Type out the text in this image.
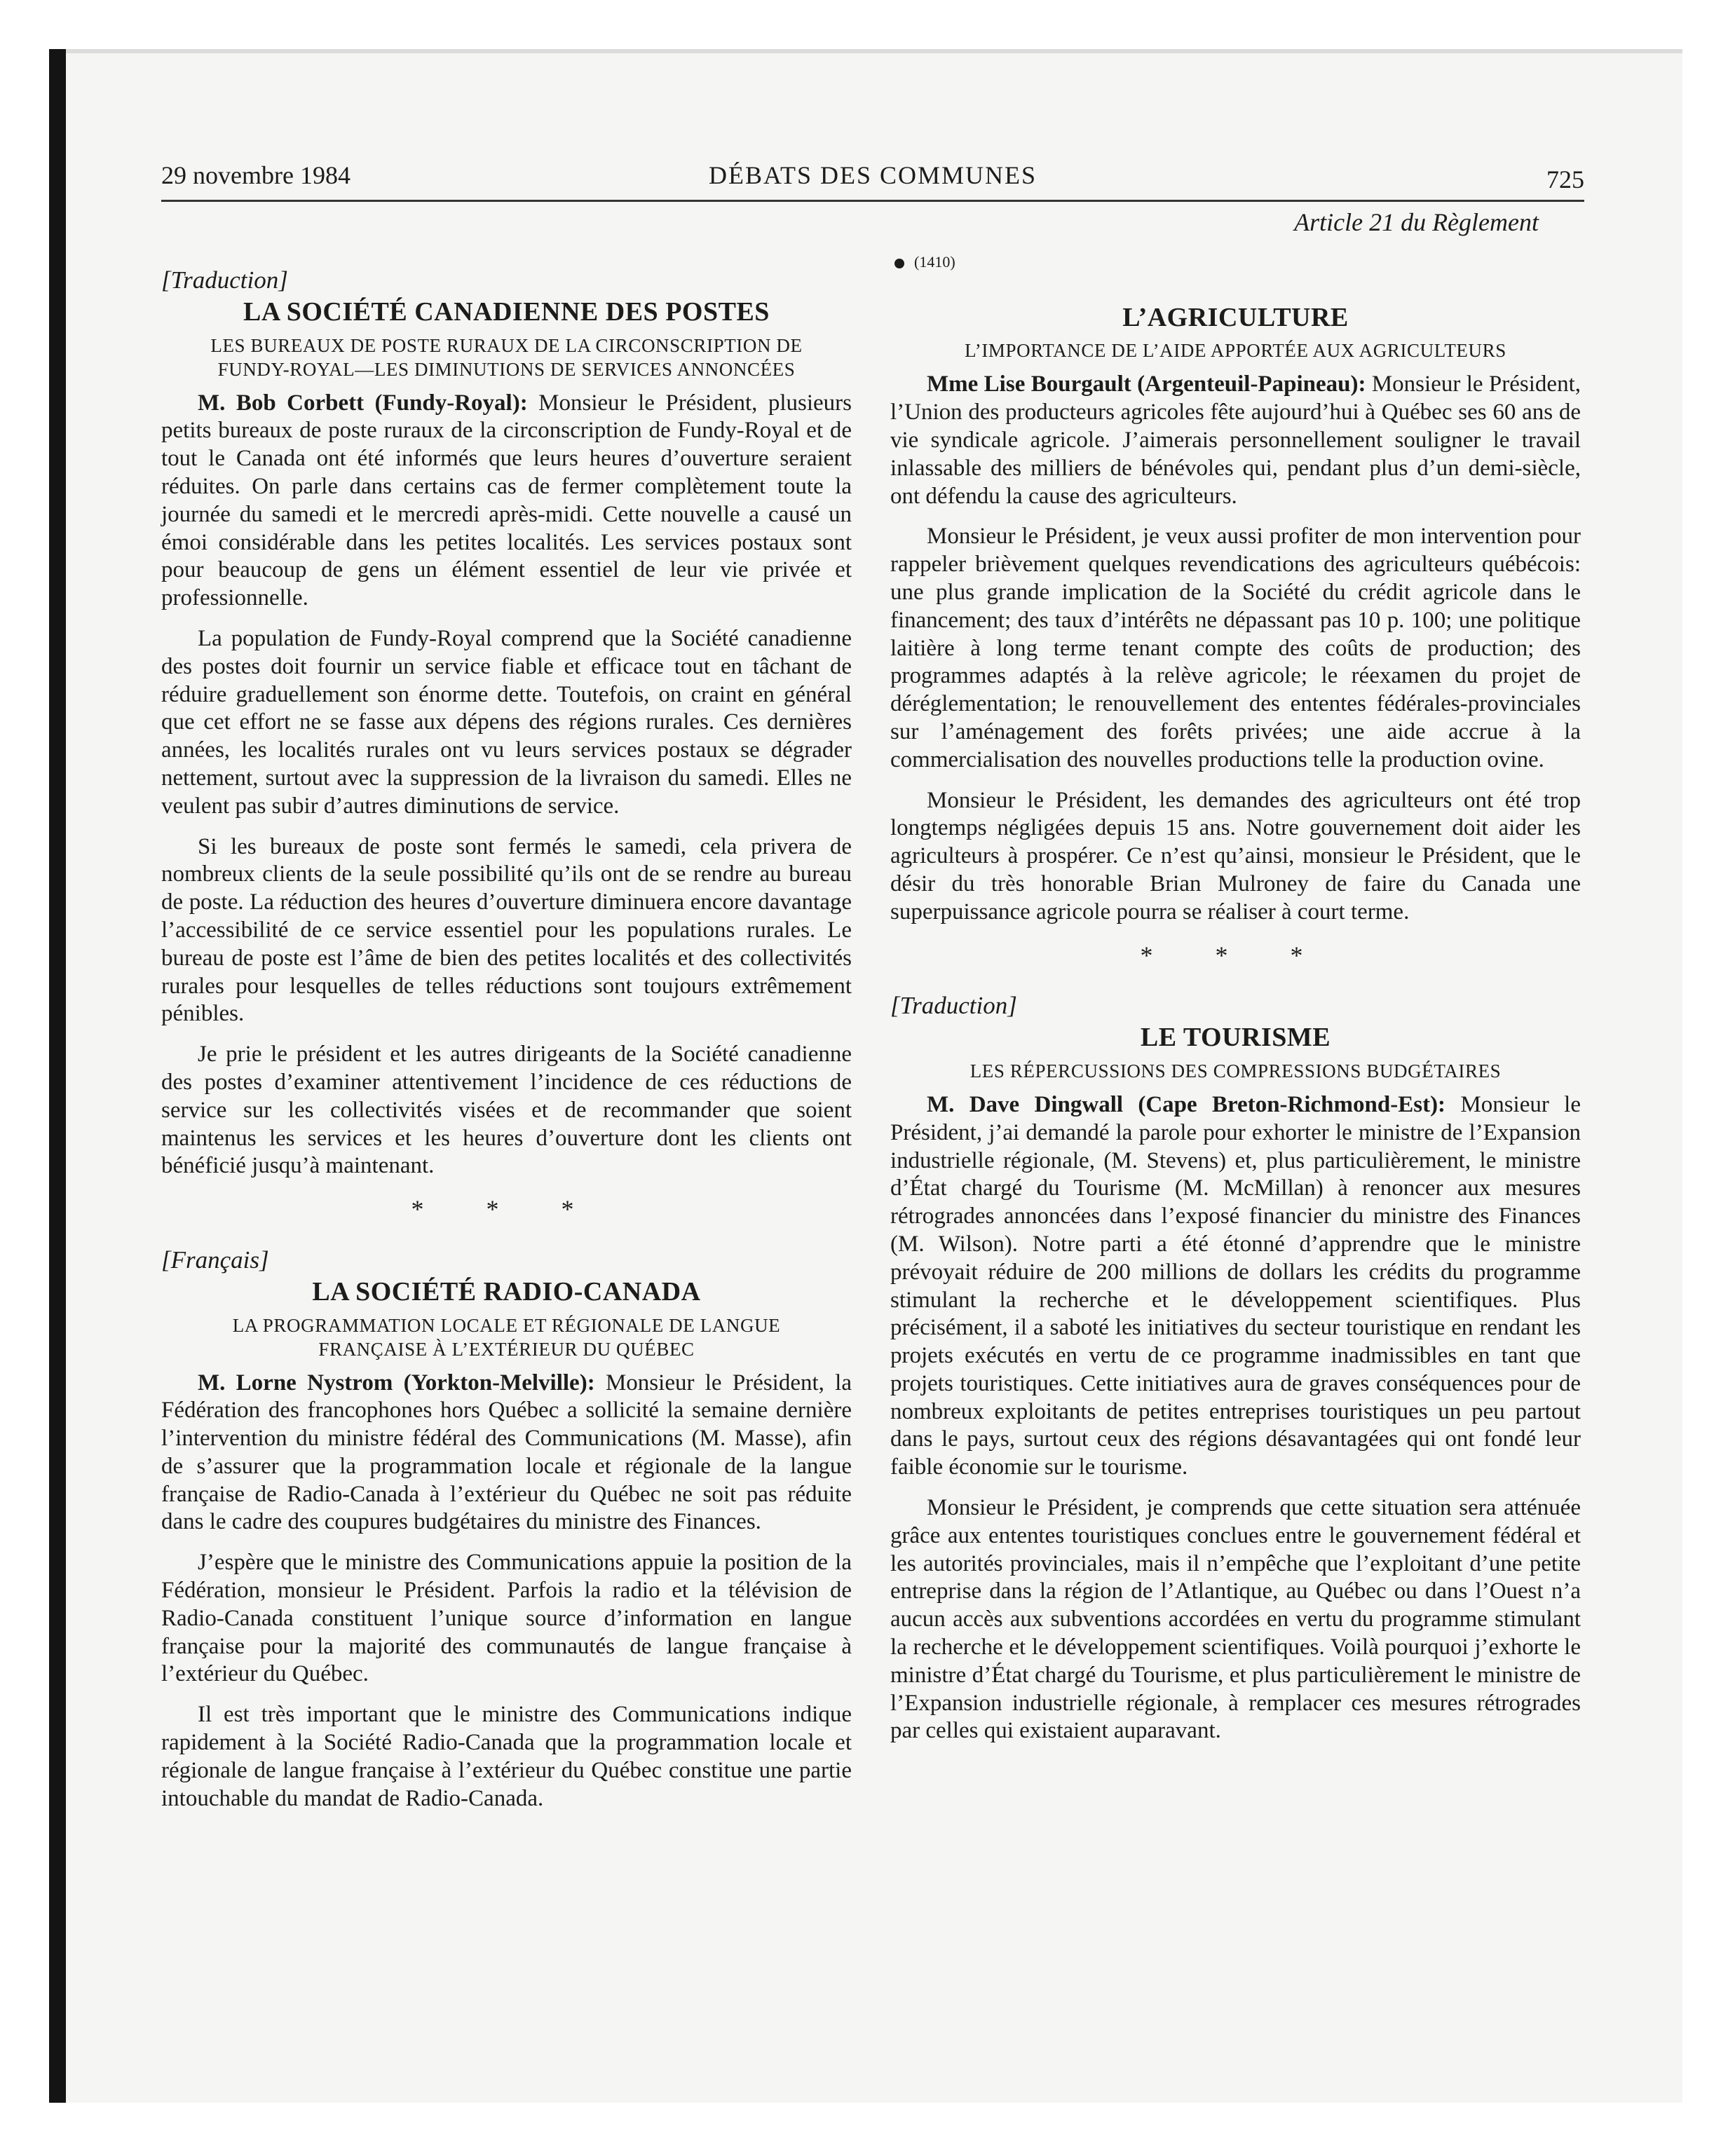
29 novembre 1984	DÉBATS DES COMMUNES	725
[Traduction]
LA SOCIÉTÉ CANADIENNE DES POSTES
LES BUREAUX DE POSTE RURAUX DE LA CIRCONSCRIPTION DE FUNDY-ROYAL—LES DIMINUTIONS DE SERVICES ANNONCÉES

M. Bob Corbett (Fundy-Royal): Monsieur le Président, plusieurs petits bureaux de poste ruraux de la circonscription de Fundy-Royal et de tout le Canada ont été informés que leurs heures d’ouverture seraient réduites. On parle dans certains cas de fermer complètement toute la journée du samedi et le mercredi après-midi. Cette nouvelle a causé un émoi considérable dans les petites localités. Les services postaux sont pour beaucoup de gens un élément essentiel de leur vie privée et professionnelle.

La population de Fundy-Royal comprend que la Société canadienne des postes doit fournir un service fiable et efficace tout en tâchant de réduire graduellement son énorme dette. Toutefois, on craint en général que cet effort ne se fasse aux dépens des régions rurales. Ces dernières années, les localités rurales ont vu leurs services postaux se dégrader nettement, surtout avec la suppression de la livraison du samedi. Elles ne veulent pas subir d’autres diminutions de service.

Si les bureaux de poste sont fermés le samedi, cela privera de nombreux clients de la seule possibilité qu’ils ont de se rendre au bureau de poste. La réduction des heures d’ouverture diminuera encore davantage l’accessibilité de ce service essentiel pour les populations rurales. Le bureau de poste est l’âme de bien des petites localités et des collectivités rurales pour lesquelles de telles réductions sont toujours extrêmement pénibles.

Je prie le président et les autres dirigeants de la Société canadienne des postes d’examiner attentivement l’incidence de ces réductions de service sur les collectivités visées et de recommander que soient maintenus les services et les heures d’ouverture dont les clients ont bénéficié jusqu’à maintenant.

* * *
[Français]
LA SOCIÉTÉ RADIO-CANADA
LA PROGRAMMATION LOCALE ET RÉGIONALE DE LANGUE FRANÇAISE À L’EXTÉRIEUR DU QUÉBEC

M. Lorne Nystrom (Yorkton-Melville): Monsieur le Président, la Fédération des francophones hors Québec a sollicité la semaine dernière l’intervention du ministre fédéral des Communications (M. Masse), afin de s’assurer que la programmation locale et régionale de la langue française de Radio-Canada à l’extérieur du Québec ne soit pas réduite dans le cadre des coupures budgétaires du ministre des Finances.

J’espère que le ministre des Communications appuie la position de la Fédération, monsieur le Président. Parfois la radio et la télévision de Radio-Canada constituent l’unique source d’information en langue française pour la majorité des communautés de langue française à l’extérieur du Québec.

Il est très important que le ministre des Communications indique rapidement à la Société Radio-Canada que la programmation locale et régionale de langue française à l’extérieur du Québec constitue une partie intouchable du mandat de Radio-Canada.

Article 21 du Règlement
(1410)
L’AGRICULTURE
L’IMPORTANCE DE L’AIDE APPORTÉE AUX AGRICULTEURS

Mme Lise Bourgault (Argenteuil-Papineau): Monsieur le Président, l’Union des producteurs agricoles fête aujourd’hui à Québec ses 60 ans de vie syndicale agricole. J’aimerais personnellement souligner le travail inlassable des milliers de bénévoles qui, pendant plus d’un demi-siècle, ont défendu la cause des agriculteurs.

Monsieur le Président, je veux aussi profiter de mon intervention pour rappeler brièvement quelques revendications des agriculteurs québécois: une plus grande implication de la Société du crédit agricole dans le financement; des taux d’intérêts ne dépassant pas 10 p. 100; une politique laitière à long terme tenant compte des coûts de production; des programmes adaptés à la relève agricole; le réexamen du projet de déréglementation; le renouvellement des ententes fédérales-provinciales sur l’aménagement des forêts privées; une aide accrue à la commercialisation des nouvelles productions telle la production ovine.

Monsieur le Président, les demandes des agriculteurs ont été trop longtemps négligées depuis 15 ans. Notre gouvernement doit aider les agriculteurs à prospérer. Ce n’est qu’ainsi, monsieur le Président, que le désir du très honorable Brian Mulroney de faire du Canada une superpuissance agricole pourra se réaliser à court terme.

* * *
[Traduction]
LE TOURISME
LES RÉPERCUSSIONS DES COMPRESSIONS BUDGÉTAIRES

M. Dave Dingwall (Cape Breton-Richmond-Est): Monsieur le Président, j’ai demandé la parole pour exhorter le ministre de l’Expansion industrielle régionale, (M. Stevens) et, plus particulièrement, le ministre d’État chargé du Tourisme (M. McMillan) à renoncer aux mesures rétrogrades annoncées dans l’exposé financier du ministre des Finances (M. Wilson). Notre parti a été étonné d’apprendre que le ministre prévoyait réduire de 200 millions de dollars les crédits du programme stimulant la recherche et le développement scientifiques. Plus précisément, il a saboté les initiatives du secteur touristique en rendant les projets exécutés en vertu de ce programme inadmissibles en tant que projets touristiques. Cette initiatives aura de graves conséquences pour de nombreux exploitants de petites entreprises touristiques un peu partout dans le pays, surtout ceux des régions désavantagées qui ont fondé leur faible économie sur le tourisme.

Monsieur le Président, je comprends que cette situation sera atténuée grâce aux ententes touristiques conclues entre le gouvernement fédéral et les autorités provinciales, mais il n’empêche que l’exploitant d’une petite entreprise dans la région de l’Atlantique, au Québec ou dans l’Ouest n’a aucun accès aux subventions accordées en vertu du programme stimulant la recherche et le développement scientifiques. Voilà pourquoi j’exhorte le ministre d’État chargé du Tourisme, et plus particulièrement le ministre de l’Expansion industrielle régionale, à remplacer ces mesures rétrogrades par celles qui existaient auparavant.
